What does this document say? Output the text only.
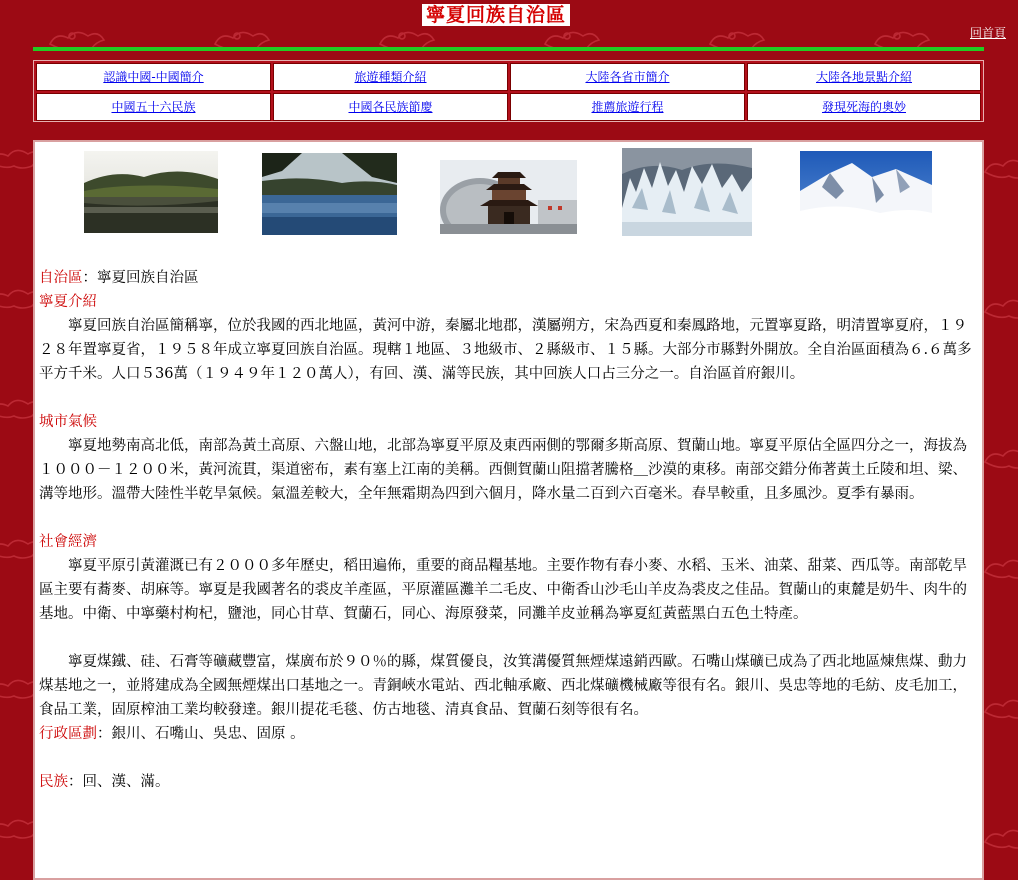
寧夏回族自治區
回首頁
認識中國-中國簡介	旅遊種類介紹	大陸各省市簡介	大陸各地景點介紹
中國五十六民族	中國各民族節慶	推薦旅遊行程	發現死海的奧妙
自治區：寧夏回族自治區
寧夏介紹

寧夏回族自治區簡稱寧，位於我國的西北地區，黃河中游，秦屬北地郡，漢屬朔方，宋為西夏和秦鳳路地，元置寧夏路，明清置寧夏府，１９２８年置寧夏省，１９５８年成立寧夏回族自治區。現轄１地區、３地級市、２縣級市、１５縣。大部分市縣對外開放。全自治區面積為６.６萬多平方千米。人口５36萬（１９４９年１２０萬人），有回、漢、滿等民族，其中回族人口占三分之一。自治區首府銀川。

城市氣候

寧夏地勢南高北低，南部為黃土高原、六盤山地，北部為寧夏平原及東西兩側的鄂爾多斯高原、賀蘭山地。寧夏平原佔全區四分之一，海拔為１０００－１２００米，黃河流貫，渠道密布，素有塞上江南的美稱。西側賀蘭山阻擋著騰格＿沙漠的東移。南部交錯分佈著黃土丘陵和坦、梁、溝等地形。溫帶大陸性半乾旱氣候。氣溫差較大，全年無霜期為四到六個月，降水量二百到六百毫米。春旱較重，且多風沙。夏季有暴雨。

社會經濟

寧夏平原引黃灌溉已有２０００多年歷史，稻田遍佈，重要的商品糧基地。主要作物有春小麥、水稻、玉米、油菜、甜菜、西瓜等。南部乾旱區主要有蕎麥、胡麻等。寧夏是我國著名的裘皮羊產區，平原灌區灘羊二毛皮、中衛香山沙毛山羊皮為裘皮之佳品。賀蘭山的東麓是奶牛、肉牛的基地。中衛、中寧藥村枸杞，鹽池，同心甘草、賀蘭石，同心、海原發菜，同灘羊皮並稱為寧夏紅黃藍黑白五色土特產。

寧夏煤鐵、硅、石膏等礦藏豐富，煤廣布於９０％的縣，煤質優良，汝箕溝優質無煙煤遠銷西歐。石嘴山煤礦已成為了西北地區煉焦煤、動力煤基地之一，並將建成為全國無煙煤出口基地之一。青銅峽水電站、西北軸承廠、西北煤礦機械廠等很有名。銀川、吳忠等地的毛紡、皮毛加工，食品工業，固原榨油工業均較發達。銀川提花毛毯、仿古地毯、清真食品、賀蘭石刻等很有名。

行政區劃：銀川、石嘴山、吳忠、固原 。
民族：回、漢、滿。
